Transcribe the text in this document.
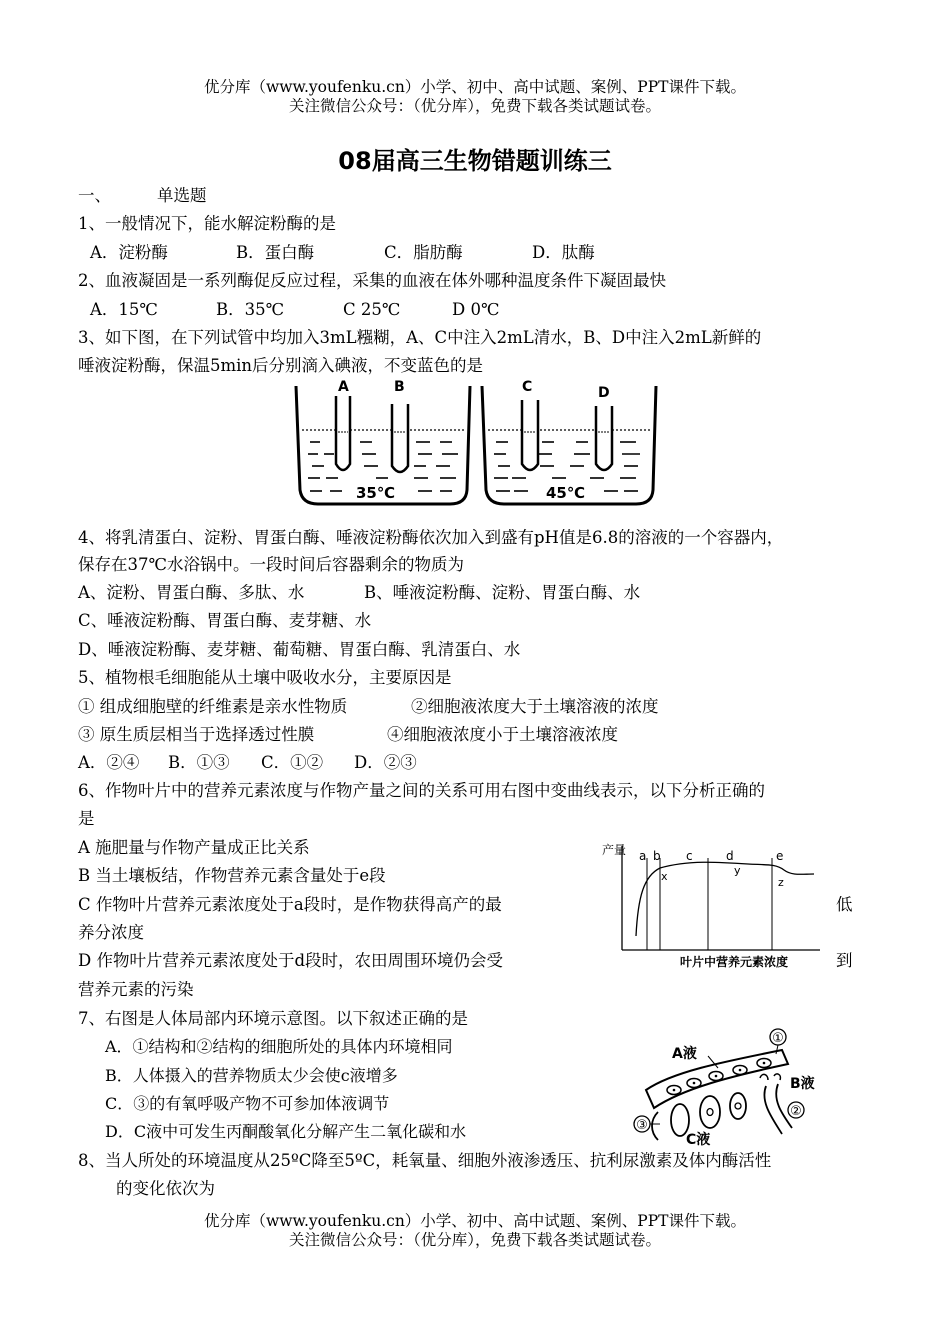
优分库（www.youfenku.cn）小学、初中、高中试题、案例、PPT课件下载。
关注微信公众号：（优分库），免费下载各类试题试卷。
08届高三生物错题训练三
一、	单选题
1、一般情况下，能水解淀粉酶的是
A．淀粉酶	B．蛋白酶	C．脂肪酶	D．肽酶
2、血液凝固是一系列酶促反应过程，采集的血液在体外哪种温度条件下凝固最快
A．15℃	B．35℃	C 25℃	D 0℃
3、如下图，在下列试管中均加入3mL糨糊，A、C中注入2mL清水，B、D中注入2mL新鲜的
唾液淀粉酶，保温5min后分别滴入碘液，不变蓝色的是
A	B	C	D
35℃	45℃
4、将乳清蛋白、淀粉、胃蛋白酶、唾液淀粉酶依次加入到盛有pH值是6.8的溶液的一个容器内，
保存在37℃水浴锅中。一段时间后容器剩余的物质为
A、淀粉、胃蛋白酶、多肽、水	B、唾液淀粉酶、淀粉、胃蛋白酶、水
C、唾液淀粉酶、胃蛋白酶、麦芽糖、水
D、唾液淀粉酶、麦芽糖、葡萄糖、胃蛋白酶、乳清蛋白、水
5、植物根毛细胞能从土壤中吸收水分，主要原因是
① 组成细胞壁的纤维素是亲水性物质	②细胞液浓度大于土壤溶液的浓度
③ 原生质层相当于选择透过性膜	④细胞液浓度小于土壤溶液浓度
A．②④ B．①③ C．①② D．②③
6、作物叶片中的营养元素浓度与作物产量之间的关系可用右图中变曲线表示，以下分析正确的
是
A 施肥量与作物产量成正比关系
B 当土壤板结，作物营养元素含量处于e段
C 作物叶片营养元素浓度处于a段时，是作物获得高产的最	低
养分浓度
D 作物叶片营养元素浓度处于d段时，农田周围环境仍会受	到
营养元素的污染
产量
叶片中营养元素浓度
a b c	d	e
x	y
z
7、右图是人体局部内环境示意图。以下叙述正确的是
A．①结构和②结构的细胞所处的具体内环境相同
B．人体摄入的营养物质太少会使c液增多
C．③的有氧呼吸产物不可参加体液调节
D．C液中可发生丙酮酸氧化分解产生二氧化碳和水
A液
①
B液
②
③
C液
8、当人所处的环境温度从25ºC降至5ºC，耗氧量、细胞外液渗透压、抗利尿激素及体内酶活性
的变化依次为
优分库（www.youfenku.cn）小学、初中、高中试题、案例、PPT课件下载。
关注微信公众号：（优分库），免费下载各类试题试卷。
